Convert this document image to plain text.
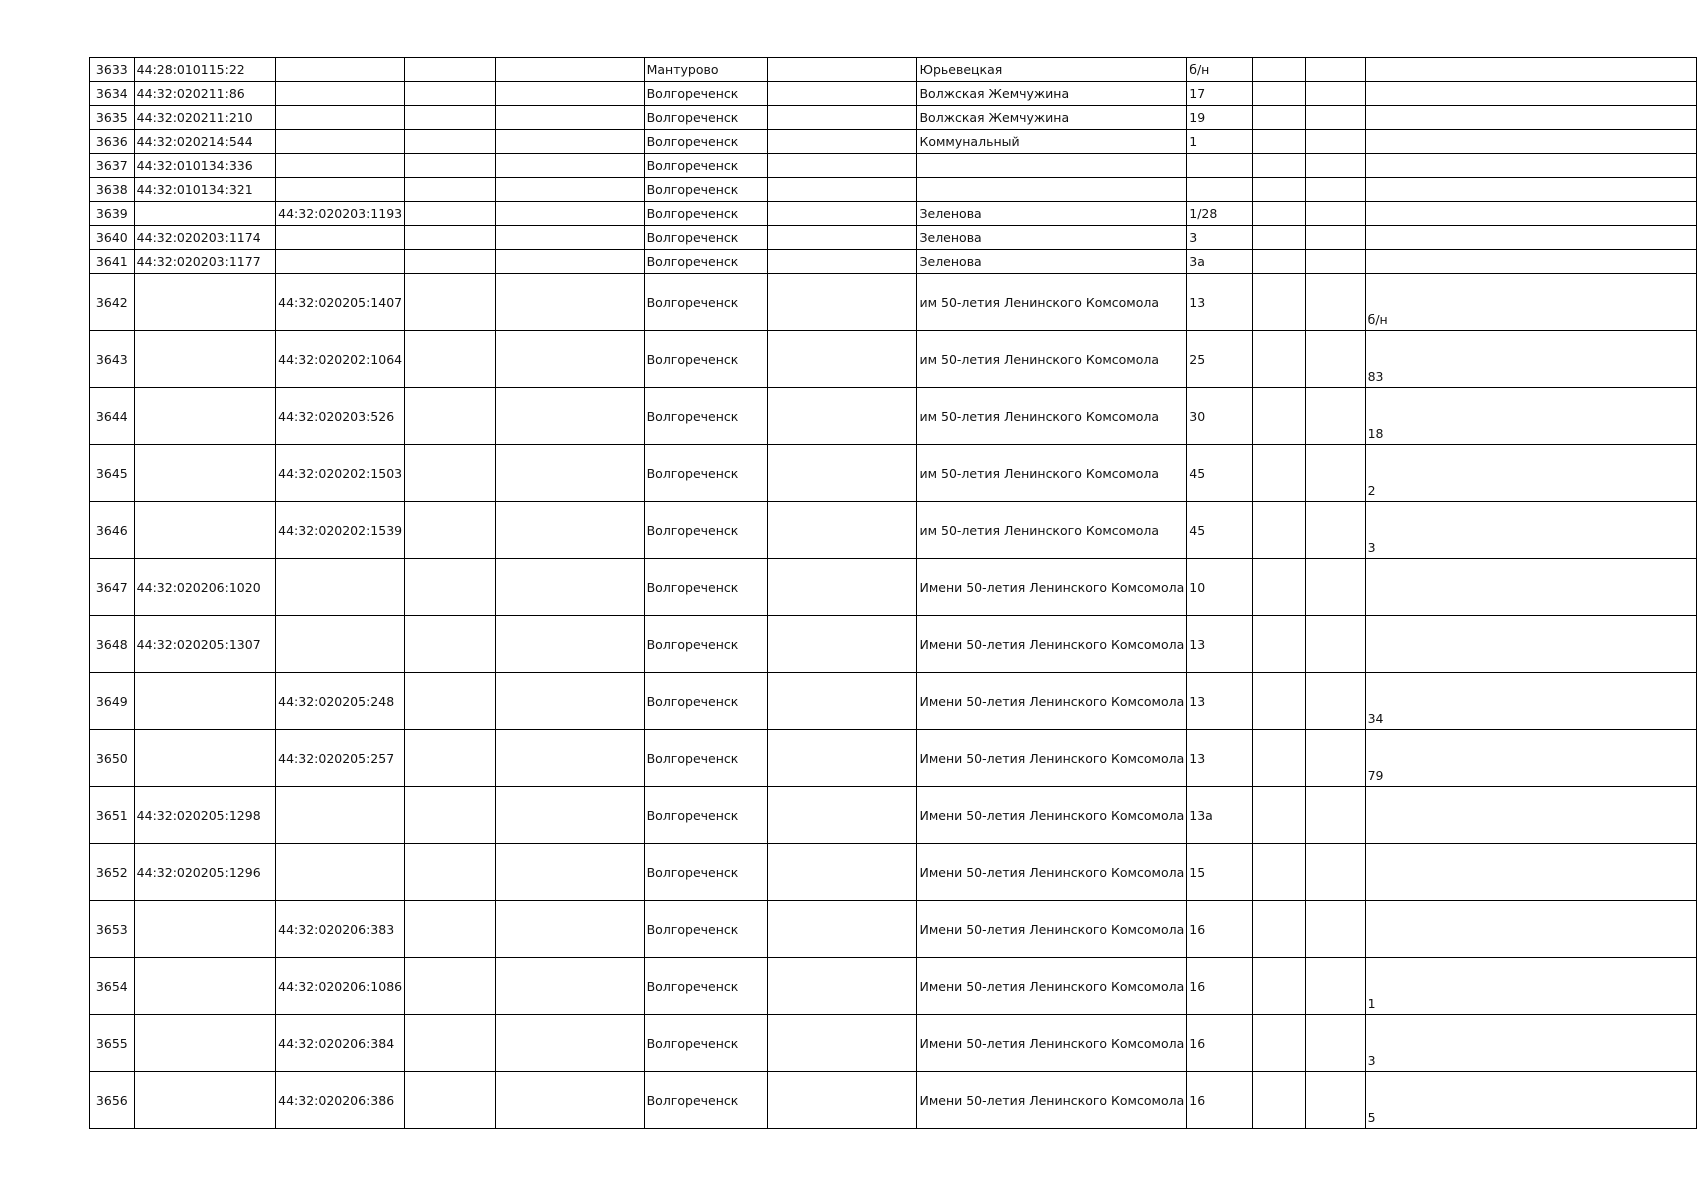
3633	44:28:010115:22				Мантурово		Юрьевецкая	б/н			
3634	44:32:020211:86				Волгореченск		Волжская Жемчужина	17			
3635	44:32:020211:210				Волгореченск		Волжская Жемчужина	19			
3636	44:32:020214:544				Волгореченск		Коммунальный	1			
3637	44:32:010134:336				Волгореченск						
3638	44:32:010134:321				Волгореченск						
3639		44:32:020203:1193			Волгореченск		Зеленова	1/28			
3640	44:32:020203:1174				Волгореченск		Зеленова	3			
3641	44:32:020203:1177				Волгореченск		Зеленова	3а			
3642		44:32:020205:1407			Волгореченск		им 50-летия Ленинского Комсомола	13			б/н
3643		44:32:020202:1064			Волгореченск		им 50-летия Ленинского Комсомола	25			83
3644		44:32:020203:526			Волгореченск		им 50-летия Ленинского Комсомола	30			18
3645		44:32:020202:1503			Волгореченск		им 50-летия Ленинского Комсомола	45			2
3646		44:32:020202:1539			Волгореченск		им 50-летия Ленинского Комсомола	45			3
3647	44:32:020206:1020				Волгореченск		Имени 50-летия Ленинского Комсомола	10			
3648	44:32:020205:1307				Волгореченск		Имени 50-летия Ленинского Комсомола	13			
3649		44:32:020205:248			Волгореченск		Имени 50-летия Ленинского Комсомола	13			34
3650		44:32:020205:257			Волгореченск		Имени 50-летия Ленинского Комсомола	13			79
3651	44:32:020205:1298				Волгореченск		Имени 50-летия Ленинского Комсомола	13а			
3652	44:32:020205:1296				Волгореченск		Имени 50-летия Ленинского Комсомола	15			
3653		44:32:020206:383			Волгореченск		Имени 50-летия Ленинского Комсомола	16			
3654		44:32:020206:1086			Волгореченск		Имени 50-летия Ленинского Комсомола	16			1
3655		44:32:020206:384			Волгореченск		Имени 50-летия Ленинского Комсомола	16			3
3656		44:32:020206:386			Волгореченск		Имени 50-летия Ленинского Комсомола	16			5
